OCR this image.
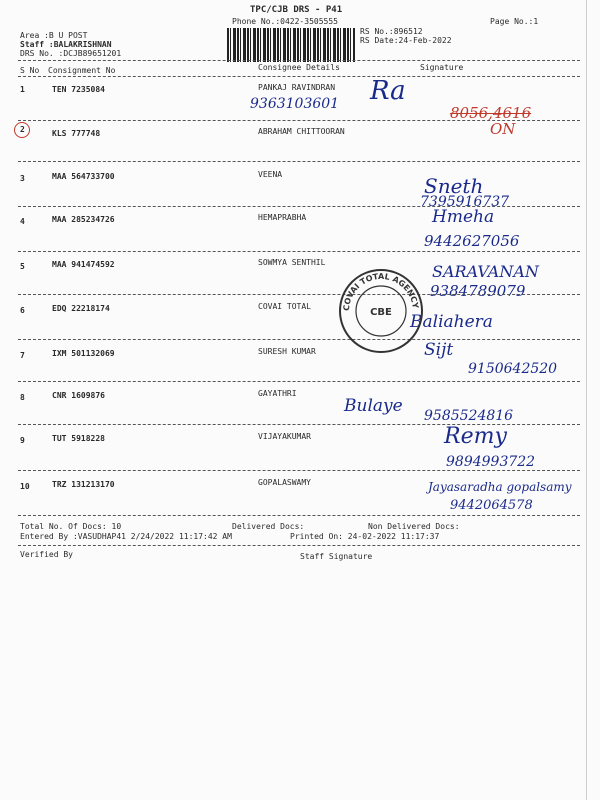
TPC/CJB DRS - P41
Phone No.:0422-3505555
RS No.:896512
RS Date:24-Feb-2022
Page No.:1
Area :B U POST
Staff :BALAKRISHNAN
DRS No. :DCJB89651201
S No Consignment No	Consignee Details	Signature
1	TEN 7235084	PANKAJ RAVINDRAN
9363103601 Ra
2	KLS 777748	ABRAHAM CHITTOORAN
8056,4616
ON
3	MAA 564733700	VEENA	Sneth
7395916737
4	MAA 285234726	HEMAPRABHA	Hmeha
9442627056
5	MAA 941474592	SOWMYA SENTHIL	SARAVANAN
9384789079
6	EDQ 22218174	COVAI TOTAL
Baliahera
7	IXM 501132069	SURESH KUMAR	Sijt
9150642520
8	CNR 1609876	GAYATHRI
Bulaye 9585524816
9	TUT 5918228	VIJAYAKUMAR	Remy
9894993722
10	TRZ 131213170	GOPALASWAMY	Jayasaradha gopalsamy
9442064578
COVAI TOTAL AGENCY
CBE
Total No. Of Docs: 10	Delivered Docs:	Non Delivered Docs:
Entered By :VASUDHAP41 2/24/2022 11:17:42 AM	Printed On: 24-02-2022 11:17:37
Verified By	Staff Signature
